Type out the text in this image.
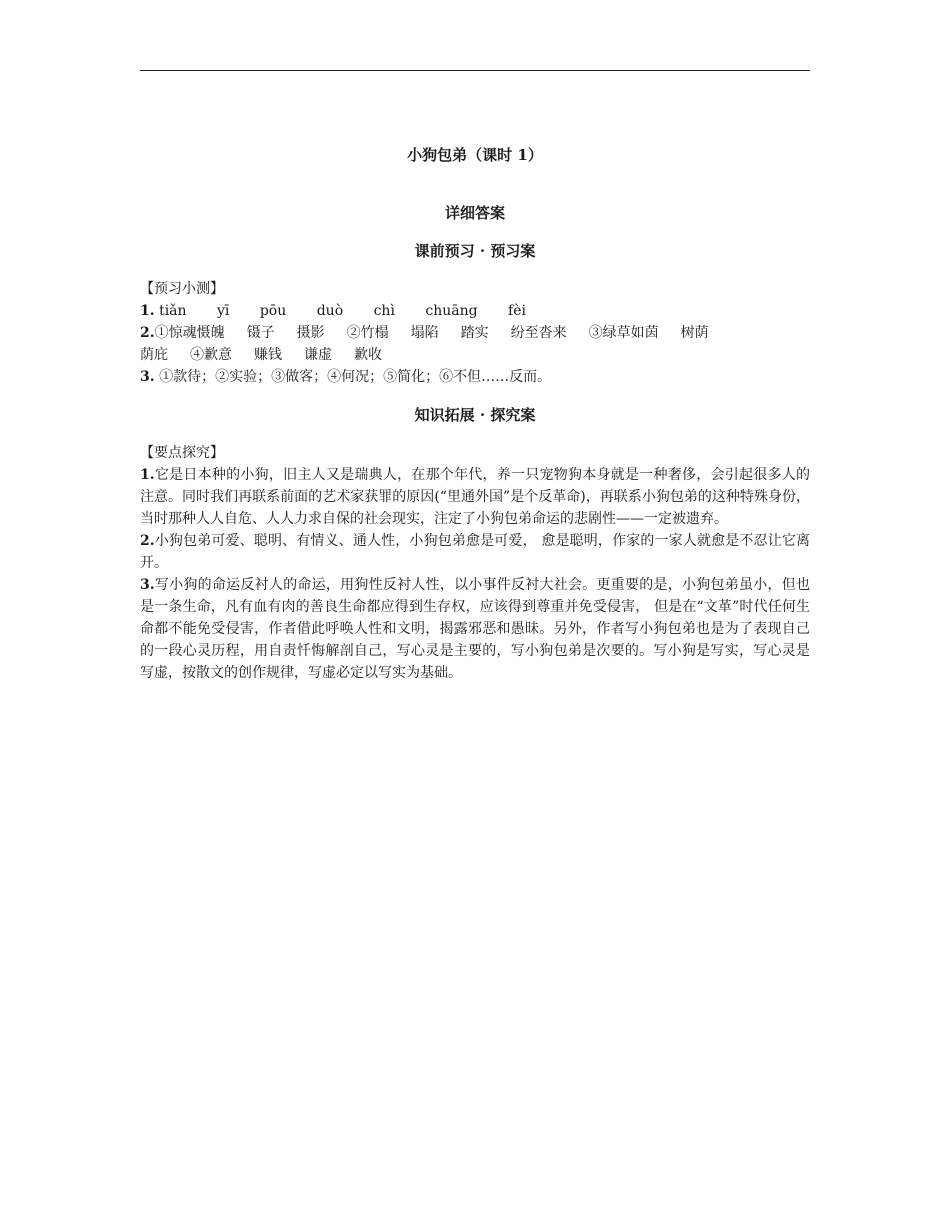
小狗包弟（课时 1）

详细答案

课前预习 · 预习案

【预习小测】

1. tiǎn yī pōu duò chì chuāng fèi

2.①惊魂慑魄 镊子 摄影 ②竹榻 塌陷 踏实 纷至沓来 ③绿草如茵 树荫

荫庇 ④歉意 赚钱 谦虚 歉收

3. ①款待；②实验；③做客；④何况；⑤简化；⑥不但……反而。

知识拓展 · 探究案

【要点探究】

1.它是日本种的小狗，旧主人又是瑞典人，在那个年代，养一只宠物狗本身就是一种奢侈，会引起很多人的注意。同时我们再联系前面的艺术家获罪的原因(“里通外国”是个反革命)，再联系小狗包弟的这种特殊身份，当时那种人人自危、人人力求自保的社会现实，注定了小狗包弟命运的悲剧性——一定被遗弃。

2.小狗包弟可爱、聪明、有情义、通人性，小狗包弟愈是可爱， 愈是聪明，作家的一家人就愈是不忍让它离开。

3.写小狗的命运反衬人的命运，用狗性反衬人性，以小事件反衬大社会。更重要的是，小狗包弟虽小，但也是一条生命，凡有血有肉的善良生命都应得到生存权，应该得到尊重并免受侵害， 但是在“文革”时代任何生命都不能免受侵害，作者借此呼唤人性和文明，揭露邪恶和愚昧。另外，作者写小狗包弟也是为了表现自己的一段心灵历程，用自责忏悔解剖自己，写心灵是主要的，写小狗包弟是次要的。写小狗是写实，写心灵是写虚，按散文的创作规律，写虚必定以写实为基础。
